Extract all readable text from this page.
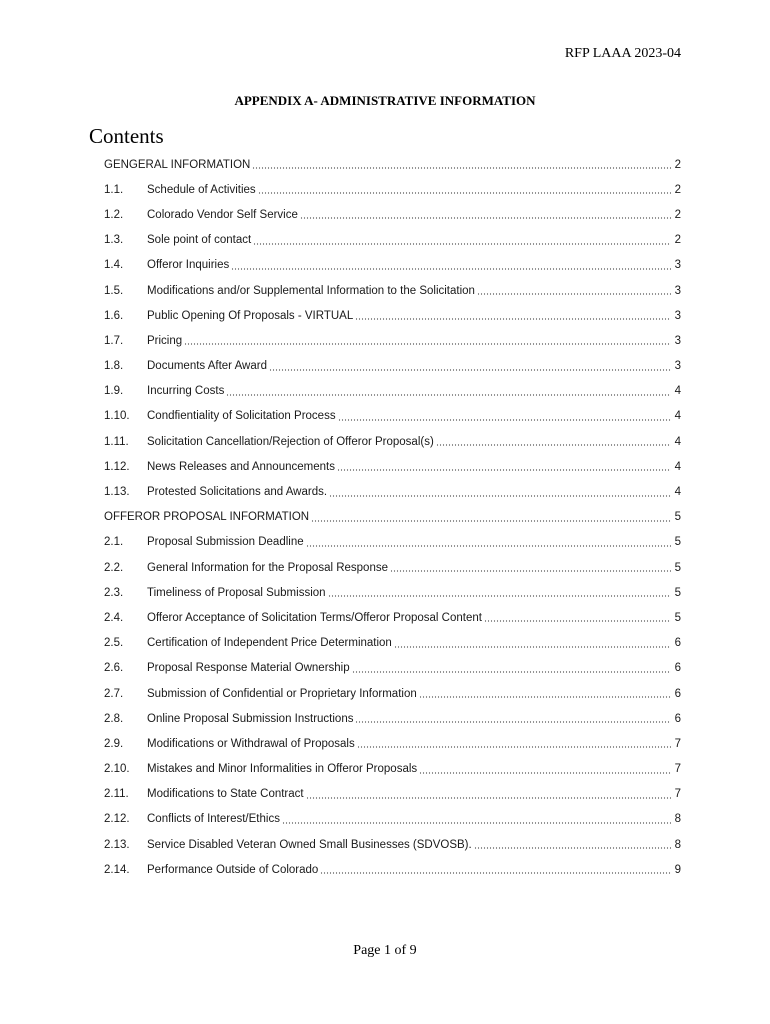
RFP LAAA 2023-04
APPENDIX A- ADMINISTRATIVE INFORMATION
Contents
GENGERAL INFORMATION	2
1.1.	Schedule of Activities	2
1.2.	Colorado Vendor Self Service	2
1.3.	Sole point of contact	2
1.4.	Offeror Inquiries	3
1.5.	Modifications and/or Supplemental Information to the Solicitation	3
1.6.	Public Opening Of Proposals - VIRTUAL	3
1.7.	Pricing	3
1.8.	Documents After Award	3
1.9.	Incurring Costs	4
1.10.	Condfientiality of Solicitation Process	4
1.11.	Solicitation Cancellation/Rejection of Offeror Proposal(s)	4
1.12.	News Releases and Announcements	4
1.13.	Protested Solicitations and Awards.	4
OFFEROR PROPOSAL INFORMATION	5
2.1.	Proposal Submission Deadline	5
2.2.	General Information for the Proposal Response	5
2.3.	Timeliness of Proposal Submission	5
2.4.	Offeror Acceptance of Solicitation Terms/Offeror Proposal Content	5
2.5.	Certification of Independent Price Determination	6
2.6.	Proposal Response Material Ownership	6
2.7.	Submission of Confidential or Proprietary Information	6
2.8.	Online Proposal Submission Instructions	6
2.9.	Modifications or Withdrawal of Proposals	7
2.10.	Mistakes and Minor Informalities in Offeror Proposals	7
2.11.	Modifications to State Contract	7
2.12.	Conflicts of Interest/Ethics	8
2.13.	Service Disabled Veteran Owned Small Businesses (SDVOSB).	8
2.14.	Performance Outside of Colorado	9
Page 1 of 9
